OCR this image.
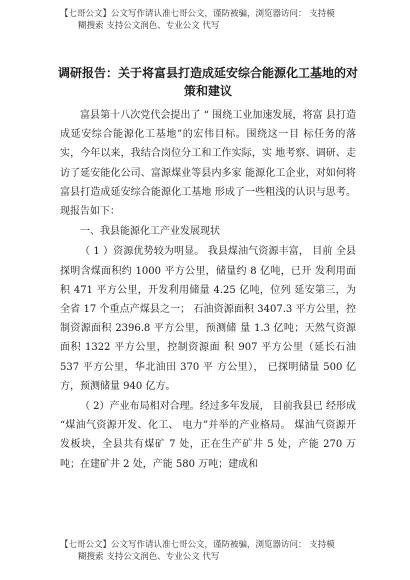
【七哥公文】公文写作请认准七哥公文，谨防被骗，浏览器访问： 支持模
糊搜索 支持公文润色、专业公文 代写
调研报告：关于将富县打造成延安综合能源化工基地的对策和建议

富县第十八次党代会提出了 “ 围绕工业加速发展，将富 县打造成延安综合能源化工基地”的宏伟目标。围绕这一目 标任务的落实，今年以来，我结合岗位分工和工作实际，实 地考察、调研、走访了延安能化公司、富源煤业等县内多家 能源化工企业，对如何将富县打造成延安综合能源化工基地 形成了一些粗浅的认识与思考。现报告如下：

一、我县能源化工产业发展现状

（ 1 ）资源优势较为明显。 我县煤油气资源丰富， 目前 全县探明含煤面积约 1000 平方公里，储量约 8 亿吨，已开 发利用面积 471 平方公里，开发利用储量 4.25 亿吨，位列 延安第三，为全省 17 个重点产煤县之一； 石油资源面积 3407.3 平方公里，控制资源面积 2396.8 平方公里，预测储 量 1.3 亿吨；天然气资源面积 1322 平方公里，控制资源面 积 907 平方公里（延长石油 537 平方公里，华北油田 370 平 方公里）， 已探明储量 500 亿方，预测储量 940 亿方。

（ 2）产业布局相对合理。经过多年发展， 目前我县已 经形成 “煤油气资源开发、化工、 电力”并举的产业格局。 煤油气资源开发板块，全县共有煤矿 7 处，正在生产矿井 5 处，产能 270 万吨；在建矿井 2 处，产能 580 万吨；建成和

【七哥公文】公文写作请认准七哥公文，谨防被骗，浏览器访问： 支持模
糊搜索 支持公文润色、专业公文 代写
